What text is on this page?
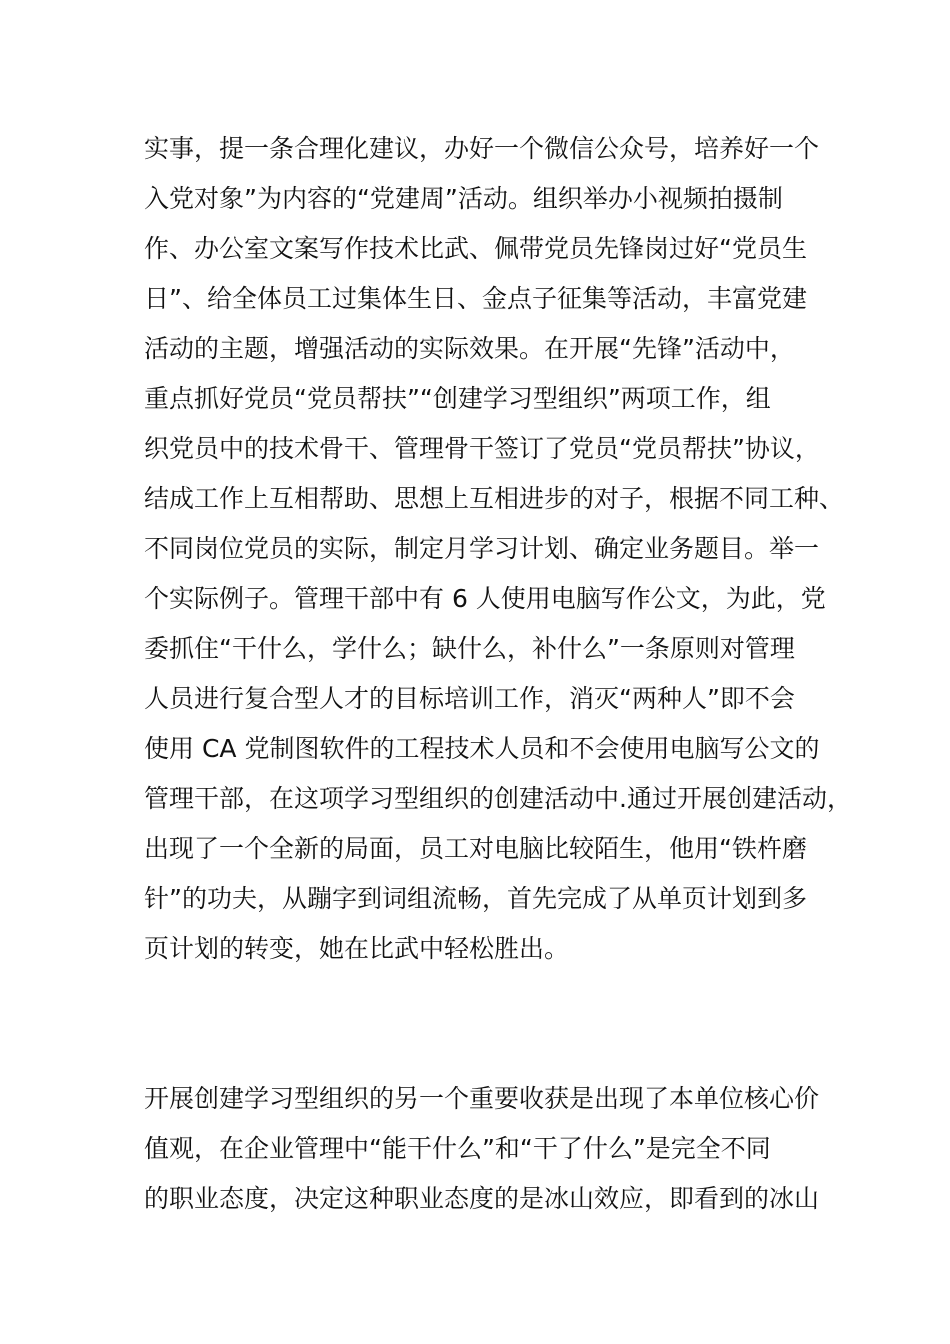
实事，提一条合理化建议，办好一个微信公众号，培养好一个
入党对象”为内容的“党建周”活动。组织举办小视频拍摄制
作、办公室文案写作技术比武、佩带党员先锋岗过好“党员生
日”、给全体员工过集体生日、金点子征集等活动，丰富党建
活动的主题，增强活动的实际效果。在开展“先锋”活动中，
重点抓好党员“党员帮扶”“创建学习型组织”两项工作，组
织党员中的技术骨干、管理骨干签订了党员“党员帮扶”协议，
结成工作上互相帮助、思想上互相进步的对子，根据不同工种、
不同岗位党员的实际，制定月学习计划、确定业务题目。举一
个实际例子。管理干部中有 6 人使用电脑写作公文，为此，党
委抓住“干什么，学什么；缺什么，补什么”一条原则对管理
人员进行复合型人才的目标培训工作，消灭“两种人”即不会
使用 CA 党制图软件的工程技术人员和不会使用电脑写公文的
管理干部，在这项学习型组织的创建活动中.通过开展创建活动，
出现了一个全新的局面，员工对电脑比较陌生，他用“铁杵磨
针”的功夫，从蹦字到词组流畅，首先完成了从单页计划到多
页计划的转变，她在比武中轻松胜出。
开展创建学习型组织的另一个重要收获是出现了本单位核心价
值观，在企业管理中“能干什么”和“干了什么”是完全不同
的职业态度，决定这种职业态度的是冰山效应，即看到的冰山
